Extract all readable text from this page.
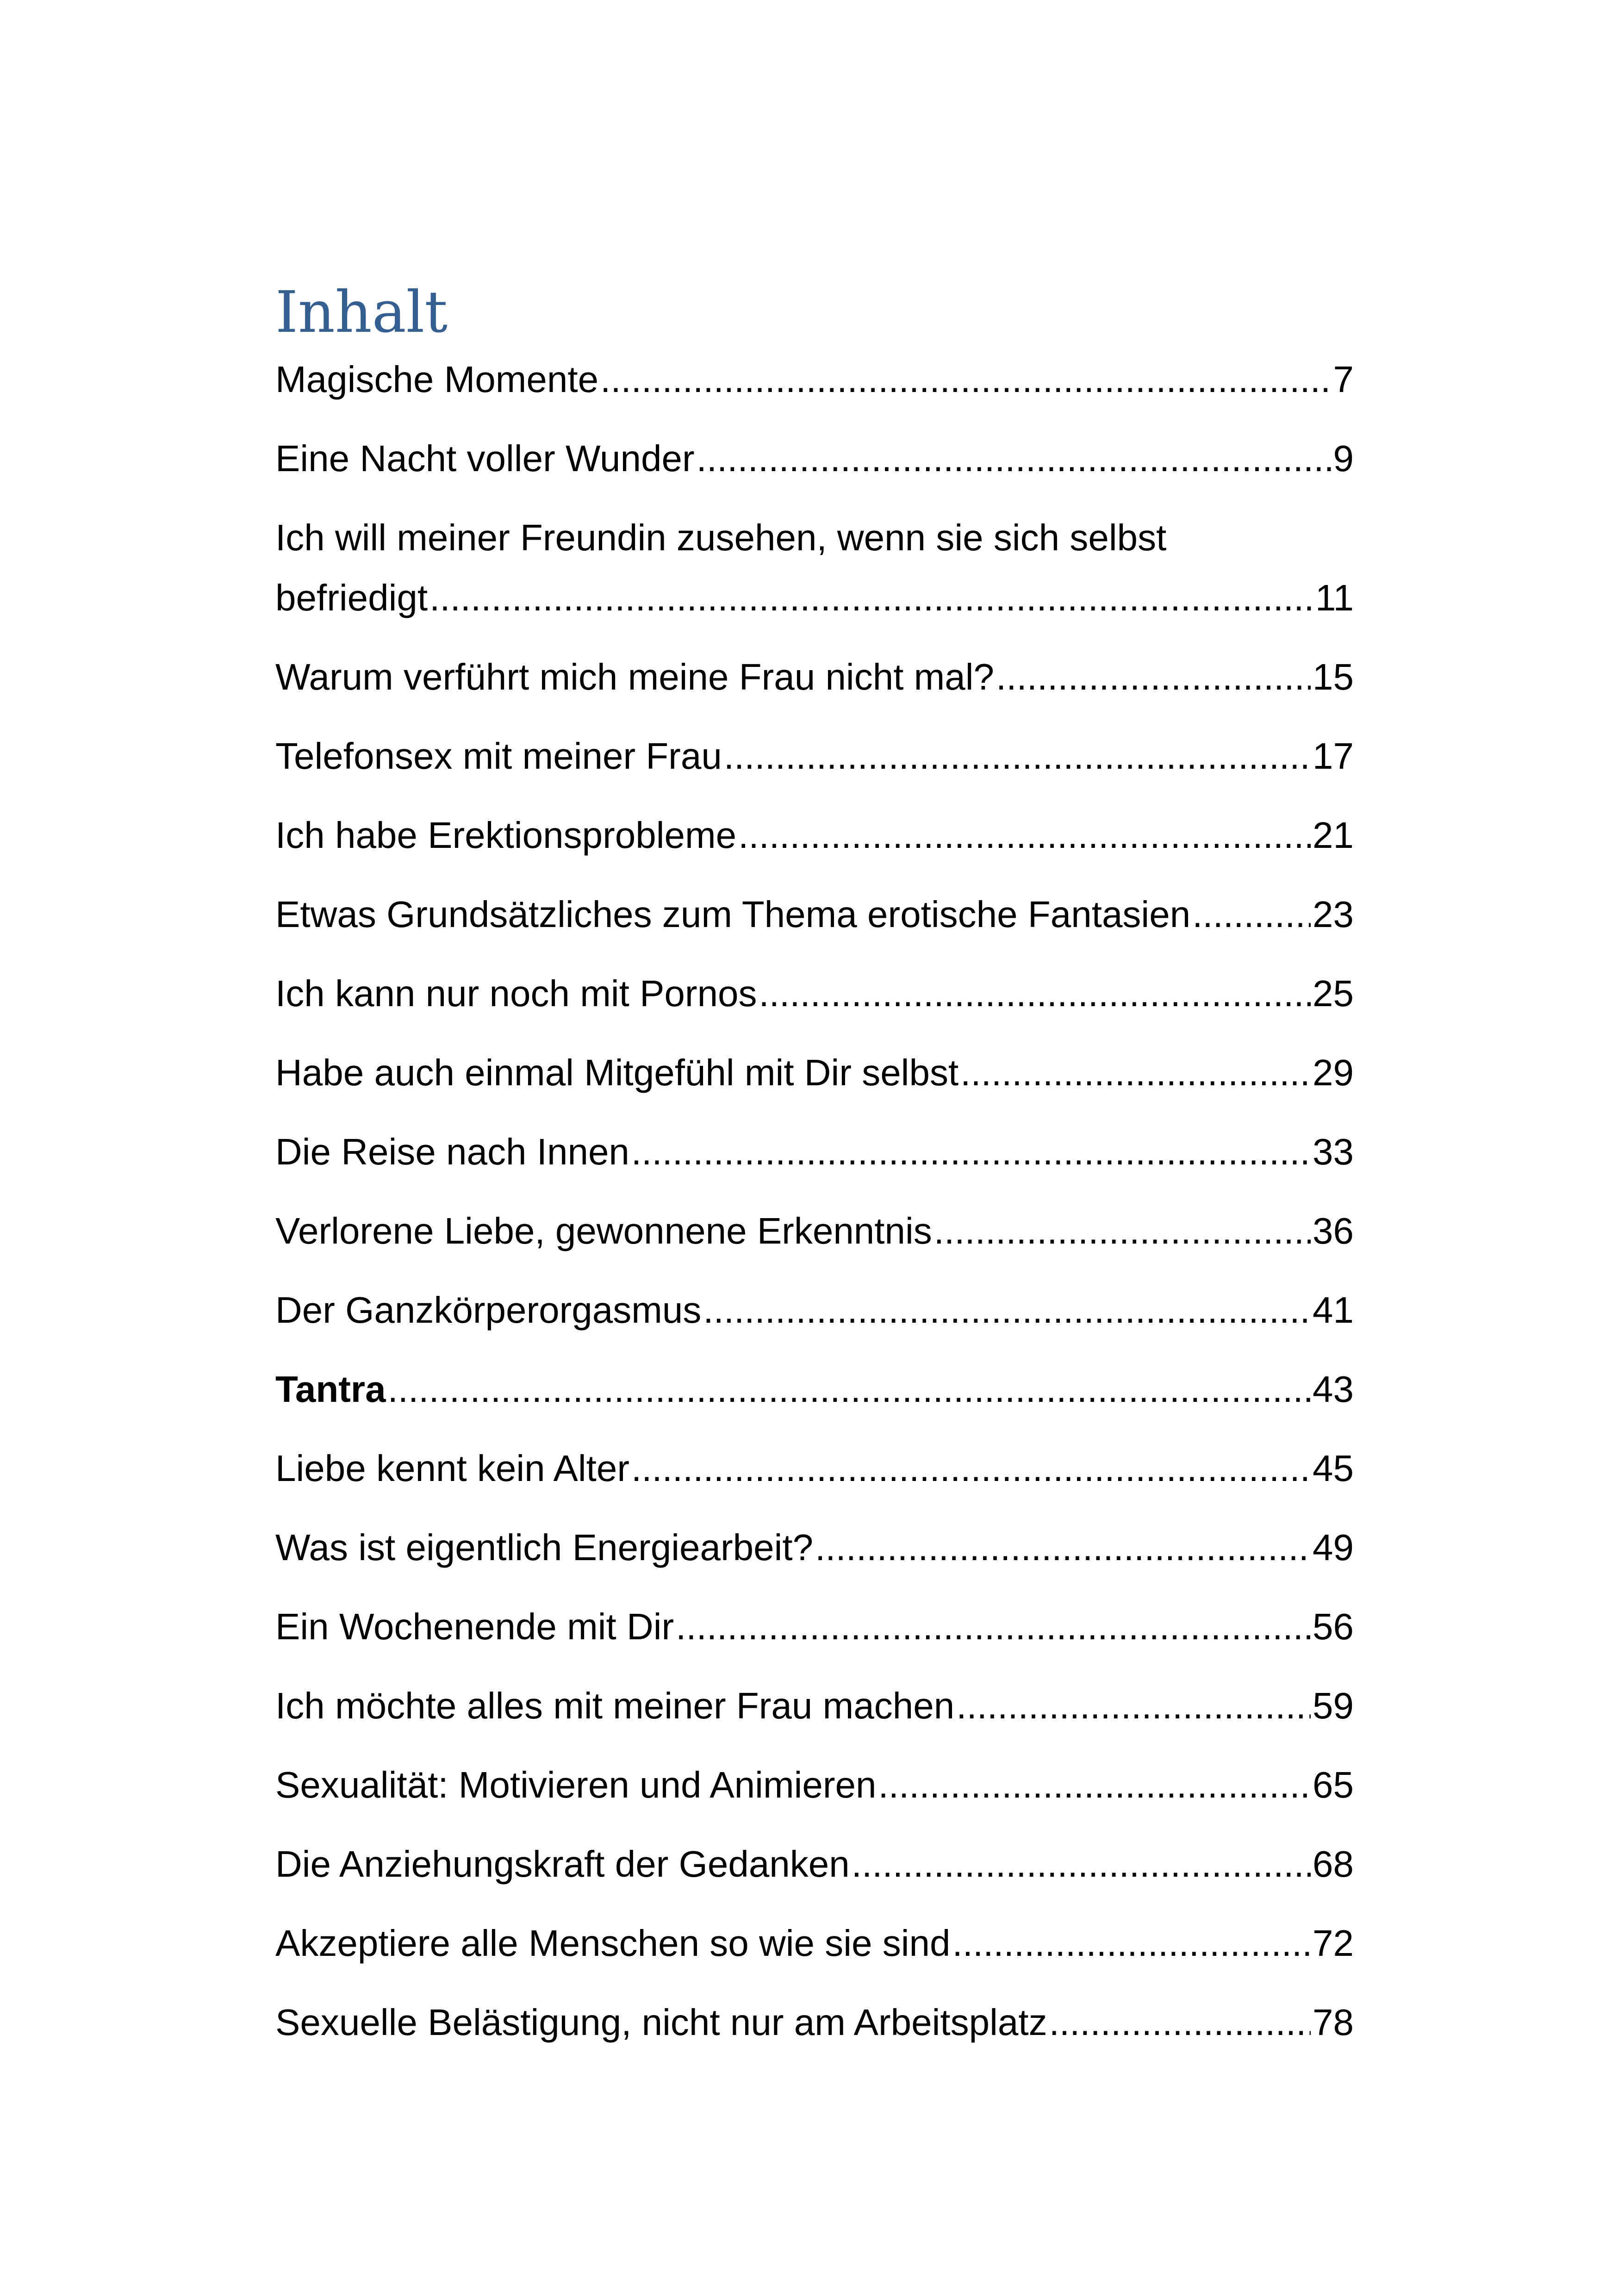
Inhalt
Magische Momente .....	7
Eine Nacht voller Wunder .....	9
Ich will meiner Freundin zusehen, wenn sie sich selbst
befriedigt .....	11
Warum verführt mich meine Frau nicht mal? .....	15
Telefonsex mit meiner Frau .....	17
Ich habe Erektionsprobleme .....	21
Etwas Grundsätzliches zum Thema erotische Fantasien .....	23
Ich kann nur noch mit Pornos .....	25
Habe auch einmal Mitgefühl mit Dir selbst .....	29
Die Reise nach Innen .....	33
Verlorene Liebe, gewonnene Erkenntnis .....	36
Der Ganzkörperorgasmus .....	41
Tantra .....	43
Liebe kennt kein Alter .....	45
Was ist eigentlich Energiearbeit? .....	49
Ein Wochenende mit Dir .....	56
Ich möchte alles mit meiner Frau machen .....	59
Sexualität: Motivieren und Animieren .....	65
Die Anziehungskraft der Gedanken .....	68
Akzeptiere alle Menschen so wie sie sind .....	72
Sexuelle Belästigung, nicht nur am Arbeitsplatz .....	78
